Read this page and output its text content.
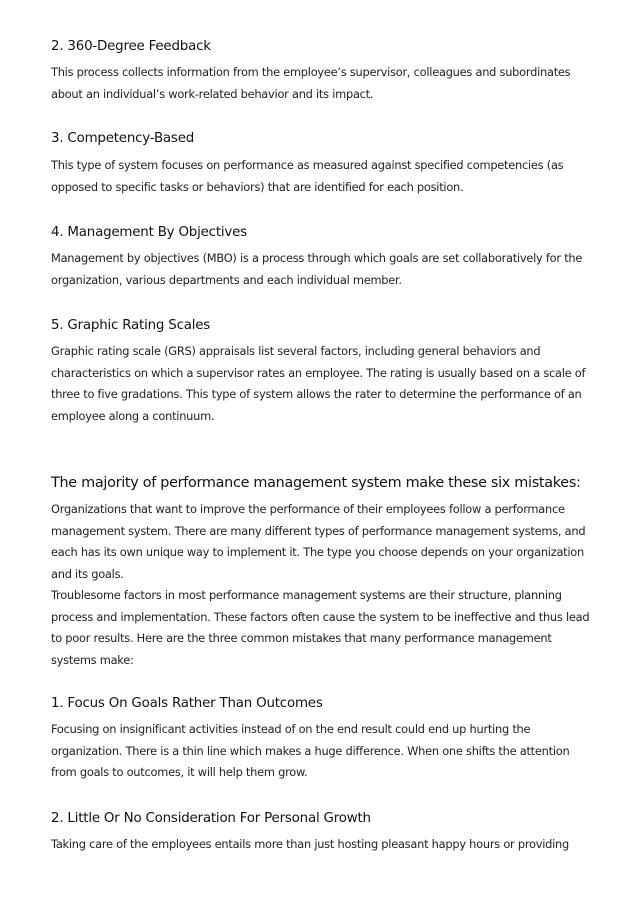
2. 360-Degree Feedback

This process collects information from the employee’s supervisor, colleagues and subordinates
about an individual’s work-related behavior and its impact.

3. Competency-Based

This type of system focuses on performance as measured against specified competencies (as
opposed to specific tasks or behaviors) that are identified for each position.

4. Management By Objectives

Management by objectives (MBO) is a process through which goals are set collaboratively for the
organization, various departments and each individual member.

5. Graphic Rating Scales

Graphic rating scale (GRS) appraisals list several factors, including general behaviors and
characteristics on which a supervisor rates an employee. The rating is usually based on a scale of
three to five gradations. This type of system allows the rater to determine the performance of an
employee along a continuum.

The majority of performance management system make these six mistakes:

Organizations that want to improve the performance of their employees follow a performance
management system. There are many different types of performance management systems, and
each has its own unique way to implement it. The type you choose depends on your organization
and its goals.
Troublesome factors in most performance management systems are their structure, planning
process and implementation. These factors often cause the system to be ineffective and thus lead
to poor results. Here are the three common mistakes that many performance management
systems make:

1. Focus On Goals Rather Than Outcomes

Focusing on insignificant activities instead of on the end result could end up hurting the
organization. There is a thin line which makes a huge difference. When one shifts the attention
from goals to outcomes, it will help them grow.

2. Little Or No Consideration For Personal Growth

Taking care of the employees entails more than just hosting pleasant happy hours or providing
